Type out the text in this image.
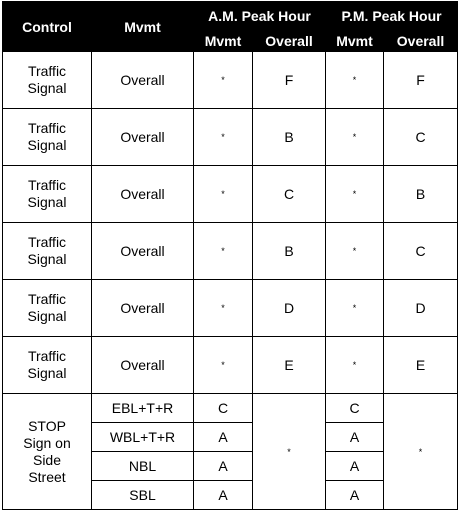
Control	Mvmt	A.M. Peak Hour		P.M. Peak Hour	
		Mvmt	Overall	Mvmt	Overall

Traffic
Signal	Overall	*	F	*	F

Traffic
Signal	Overall	*	B	*	C

Traffic
Signal	Overall	*	C	*	B

Traffic
Signal	Overall	*	B	*	C

Traffic
Signal	Overall	*	D	*	D

Traffic
Signal	Overall	*	E	*	E

STOP
Sign on
Side
Street	EBL+T+R	C	*	C	*
	WBL+T+R	A		A	
	NBL	A		A	
	SBL	A		A	
